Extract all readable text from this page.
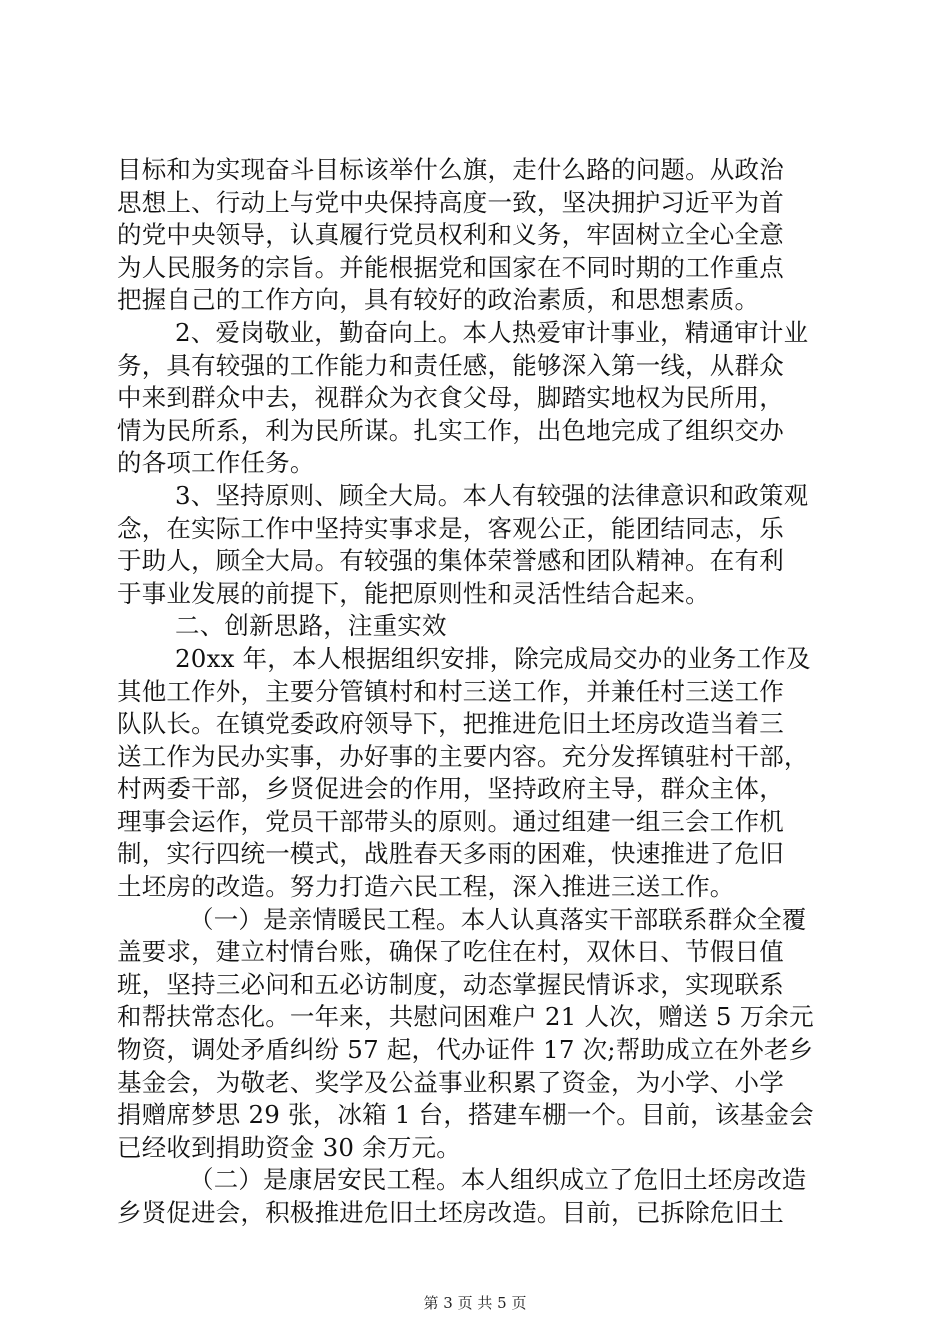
目标和为实现奋斗目标该举什么旗，走什么路的问题。从政治
思想上、行动上与党中央保持高度一致，坚决拥护习近平为首
的党中央领导，认真履行党员权利和义务，牢固树立全心全意
为人民服务的宗旨。并能根据党和国家在不同时期的工作重点
把握自己的工作方向，具有较好的政治素质，和思想素质。
2、爱岗敬业，勤奋向上。本人热爱审计事业，精通审计业
务，具有较强的工作能力和责任感，能够深入第一线，从群众
中来到群众中去，视群众为衣食父母，脚踏实地权为民所用，
情为民所系，利为民所谋。扎实工作，出色地完成了组织交办
的各项工作任务。
3、坚持原则、顾全大局。本人有较强的法律意识和政策观
念，在实际工作中坚持实事求是，客观公正，能团结同志，乐
于助人，顾全大局。有较强的集体荣誉感和团队精神。在有利
于事业发展的前提下，能把原则性和灵活性结合起来。
二、创新思路，注重实效
20xx 年，本人根据组织安排，除完成局交办的业务工作及
其他工作外，主要分管镇村和村三送工作，并兼任村三送工作
队队长。在镇党委政府领导下，把推进危旧土坯房改造当着三
送工作为民办实事，办好事的主要内容。充分发挥镇驻村干部，
村两委干部，乡贤促进会的作用，坚持政府主导，群众主体，
理事会运作，党员干部带头的原则。通过组建一组三会工作机
制，实行四统一模式，战胜春天多雨的困难，快速推进了危旧
土坯房的改造。努力打造六民工程，深入推进三送工作。
（一）是亲情暖民工程。本人认真落实干部联系群众全覆
盖要求，建立村情台账，确保了吃住在村，双休日、节假日值
班，坚持三必问和五必访制度，动态掌握民情诉求，实现联系
和帮扶常态化。一年来，共慰问困难户 21 人次，赠送 5 万余元
物资，调处矛盾纠纷 57 起，代办证件 17 次;帮助成立在外老乡
基金会，为敬老、奖学及公益事业积累了资金，为小学、小学
捐赠席梦思 29 张，冰箱 1 台，搭建车棚一个。目前，该基金会
已经收到捐助资金 30 余万元。
（二）是康居安民工程。本人组织成立了危旧土坯房改造
乡贤促进会，积极推进危旧土坯房改造。目前，已拆除危旧土
第 3 页 共 5 页
